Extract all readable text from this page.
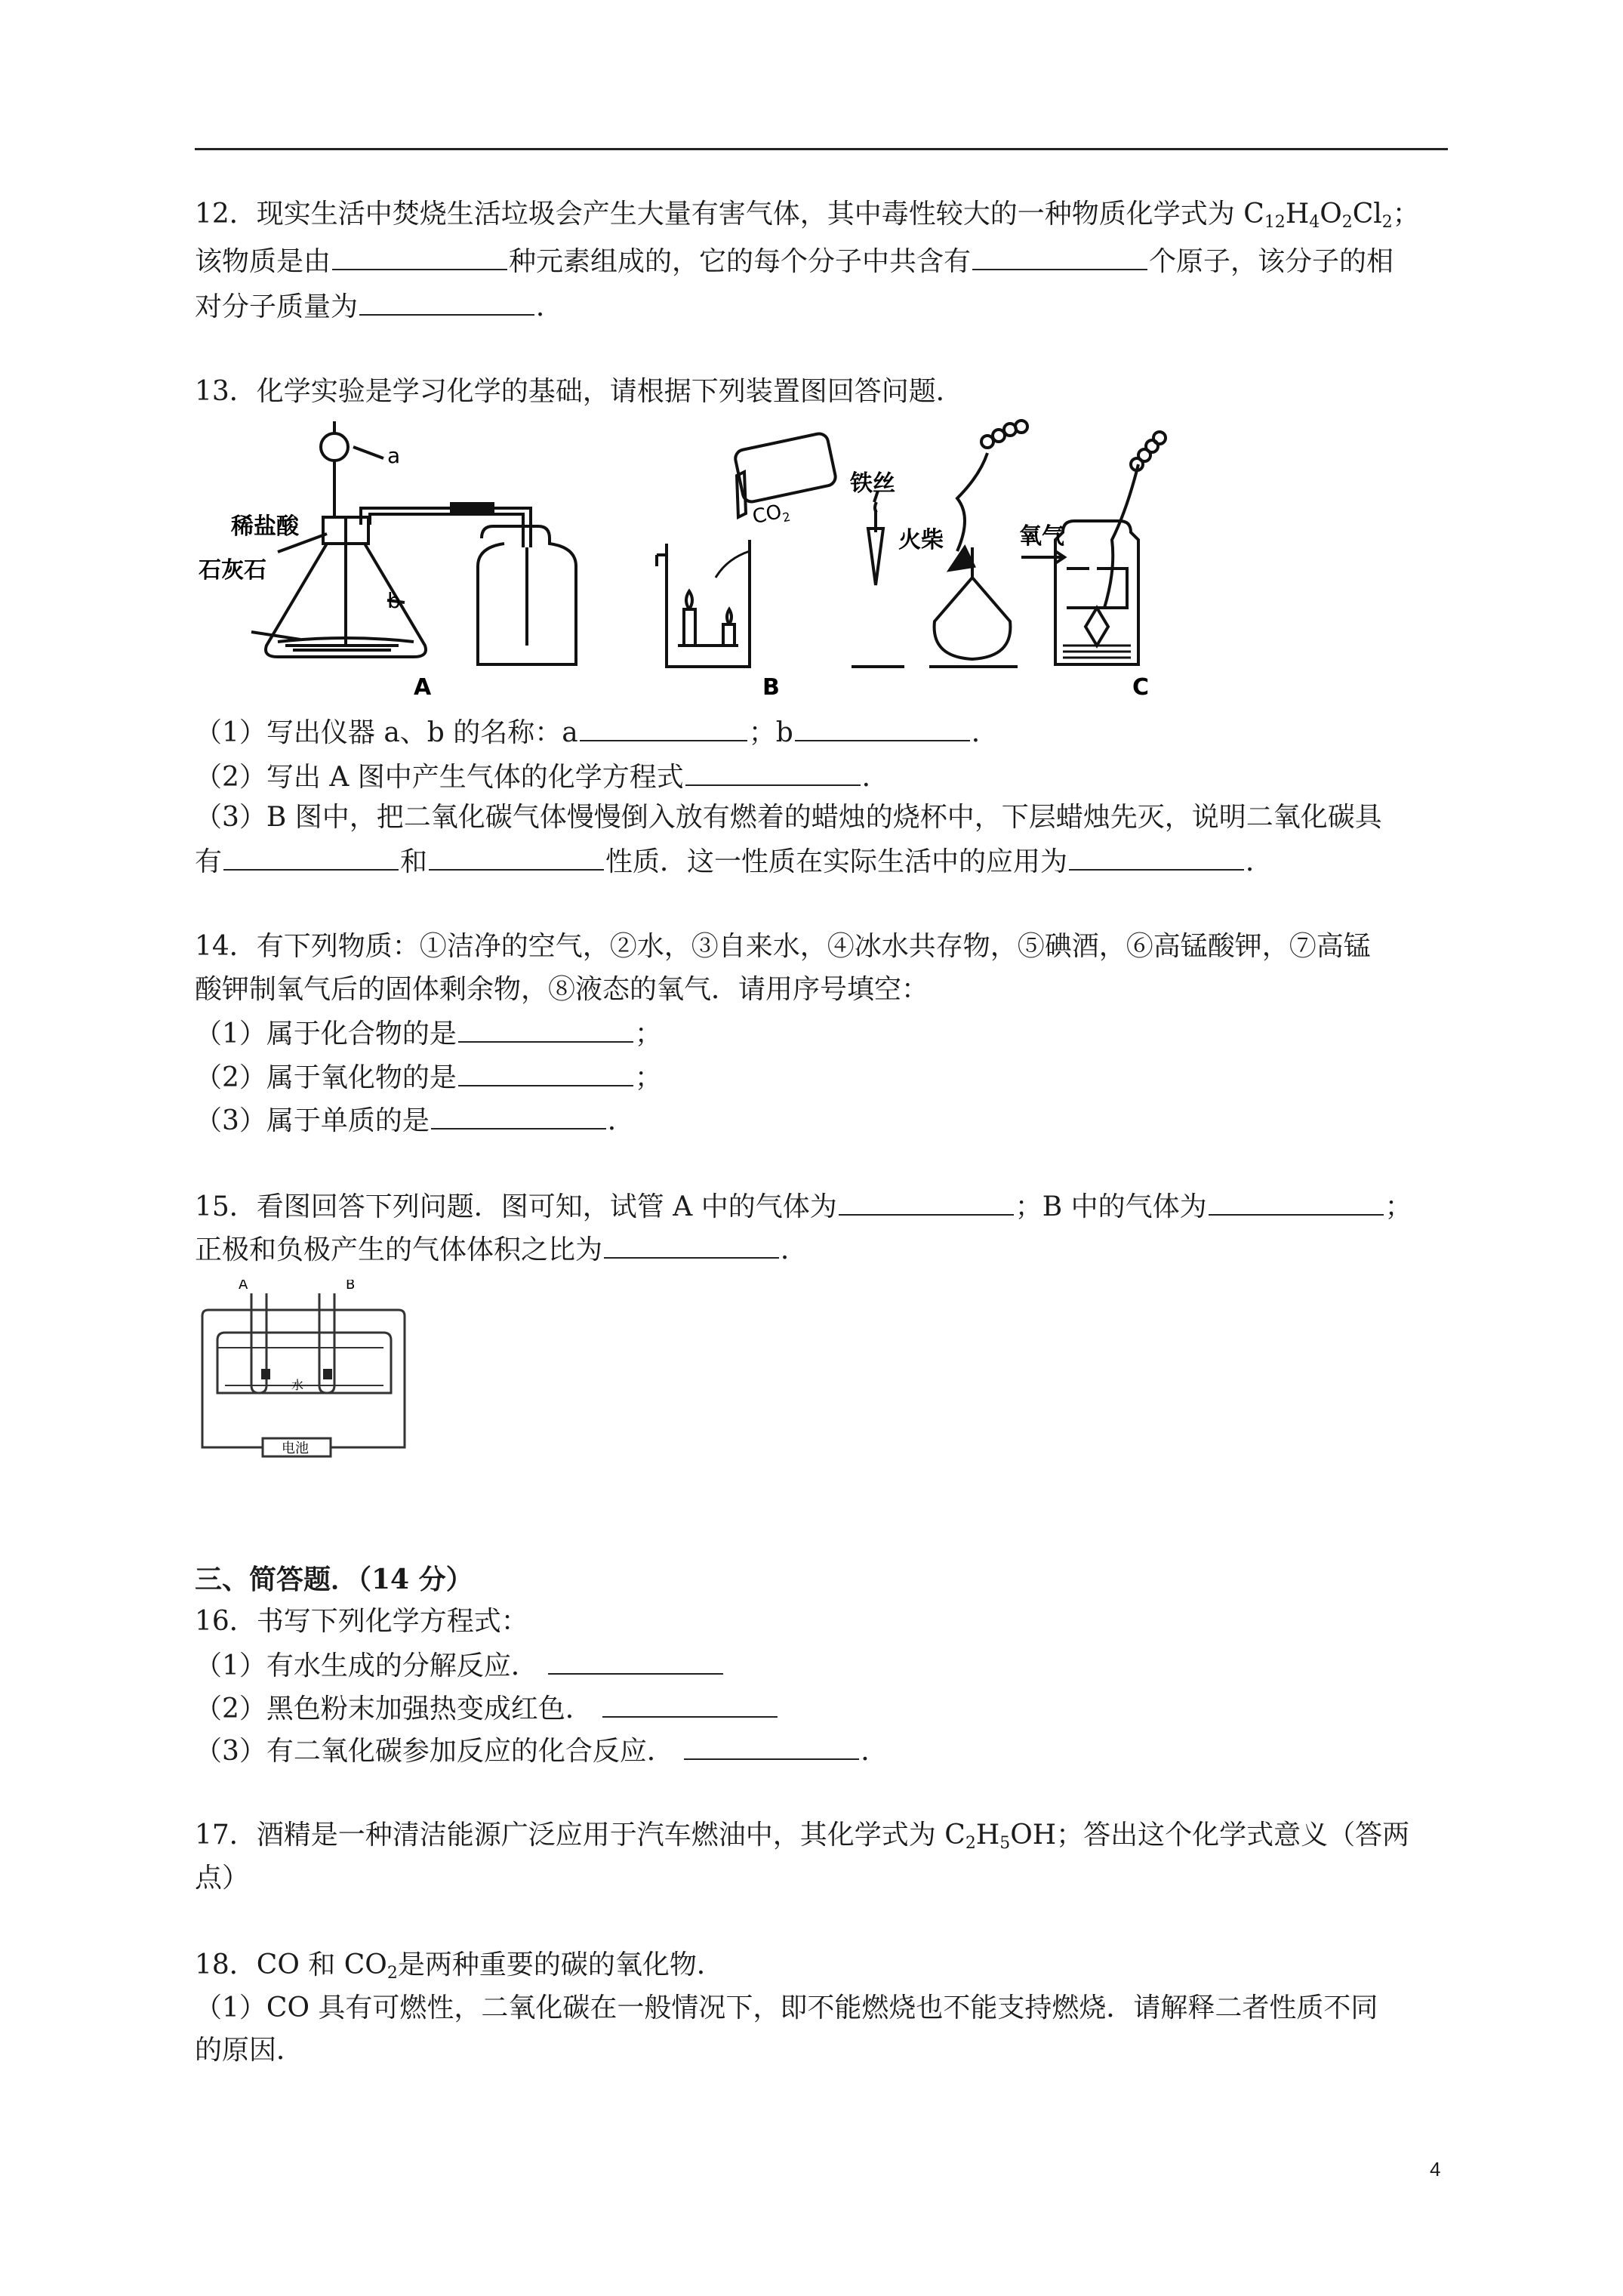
12．现实生活中焚烧生活垃圾会产生大量有害气体，其中毒性较大的一种物质化学式为 $C_{12}H_4O_2Cl_2$；
该物质是由	种元素组成的，它的每个分子中共含有	个原子，该分子的相
对分子质量为	．
13．化学实验是学习化学的基础，请根据下列装置图回答问题．
a
b
稀盐酸
石灰石
$CO_2$
铁丝
火柴	氧气
A	B	C
（1）写出仪器 a、b 的名称：a	；b	．
（2）写出 A 图中产生气体的化学方程式	．
（3）B 图中，把二氧化碳气体慢慢倒入放有燃着的蜡烛的烧杯中，下层蜡烛先灭，说明二氧化碳具
有	和	性质．这一性质在实际生活中的应用为	．
14．有下列物质：①洁净的空气，②水，③自来水，④冰水共存物，⑤碘酒，⑥高锰酸钾，⑦高锰
酸钾制氧气后的固体剩余物，⑧液态的氧气．请用序号填空：
（1）属于化合物的是	；
（2）属于氧化物的是	；
（3）属于单质的是	．
15．看图回答下列问题．图可知，试管 A 中的气体为	；B 中的气体为	；
正极和负极产生的气体体积之比为	．
A	B
水
电池
三、简答题．（14 分）
16．书写下列化学方程式：
（1）有水生成的分解反应．
（2）黑色粉末加强热变成红色．
（3）有二氧化碳参加反应的化合反应．	．
17．酒精是一种清洁能源广泛应用于汽车燃油中，其化学式为 $C_2H_5OH$；答出这个化学式意义（答两
点）
18．CO 和 $CO_2$是两种重要的碳的氧化物．
（1）CO 具有可燃性，二氧化碳在一般情况下，即不能燃烧也不能支持燃烧．请解释二者性质不同
的原因．
4
